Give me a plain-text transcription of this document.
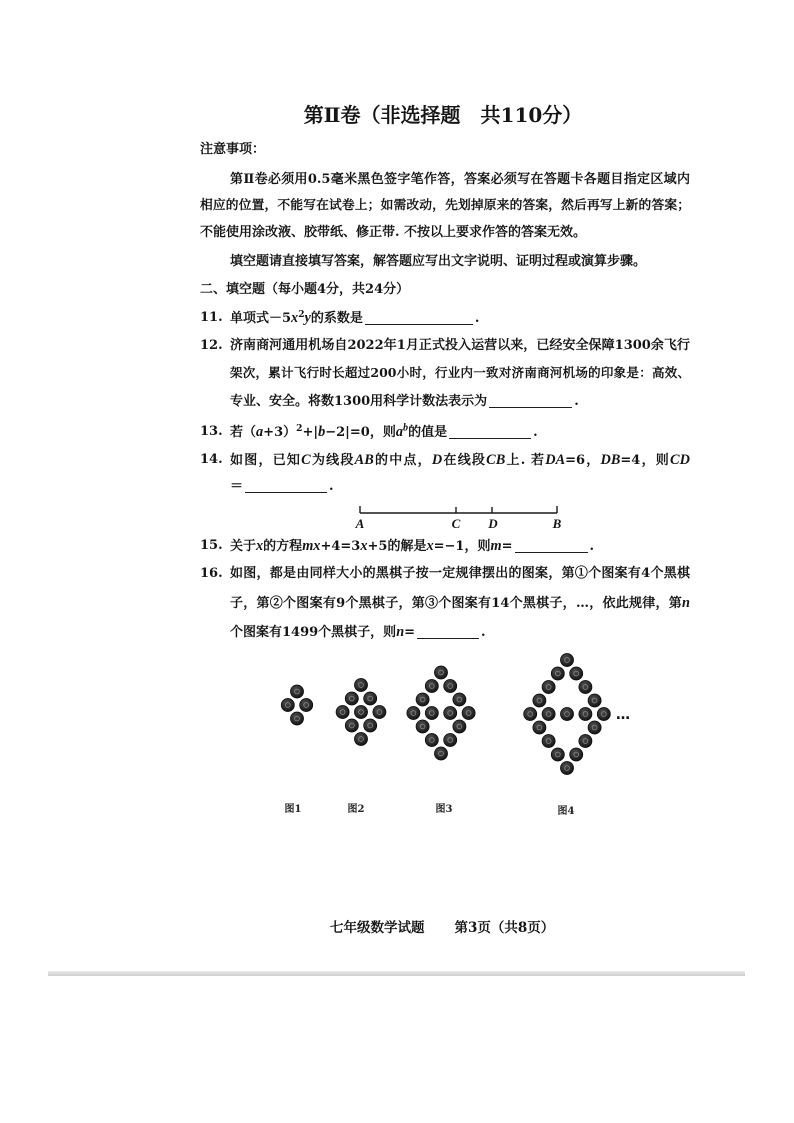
第Ⅱ卷（非选择题　共110分）
注意事项：
第Ⅱ卷必须用0.5毫米黑色签字笔作答，答案必须写在答题卡各题目指定区域内
相应的位置，不能写在试卷上；如需改动，先划掉原来的答案，然后再写上新的答案；
不能使用涂改液、胶带纸、修正带. 不按以上要求作答的答案无效。
填空题请直接填写答案，解答题应写出文字说明、证明过程或演算步骤。
二、填空题（每小题4分，共24分）
11. 单项式$-5x^2y$的系数是	.
12. 济南商河通用机场自2022年1月正式投入运营以来，已经安全保障1300余飞行
架次，累计飞行时长超过200小时，行业内一致对济南商河机场的印象是：高效、
专业、安全。将数1300用科学计数法表示为	.
13. 若$(a+3)^2+|b-2|=0$，则$a^b$的值是	.
14. 如图，已知C为线段AB的中点，D在线段CB上. 若DA=6，DB=4，则CD
＝	.
15. 关于x的方程mx+4=3x+5的解是x=−1，则m=	.
16. 如图，都是由同样大小的黑棋子按一定规律摆出的图案，第①个图案有4个黑棋
子，第②个图案有9个黑棋子，第③个图案有14个黑棋子，…，依此规律，第n
个图案有1499个黑棋子，则n=	.
A	C D	B
…
图1	图2	图3	图4
七年级数学试题 第3页（共8页）
